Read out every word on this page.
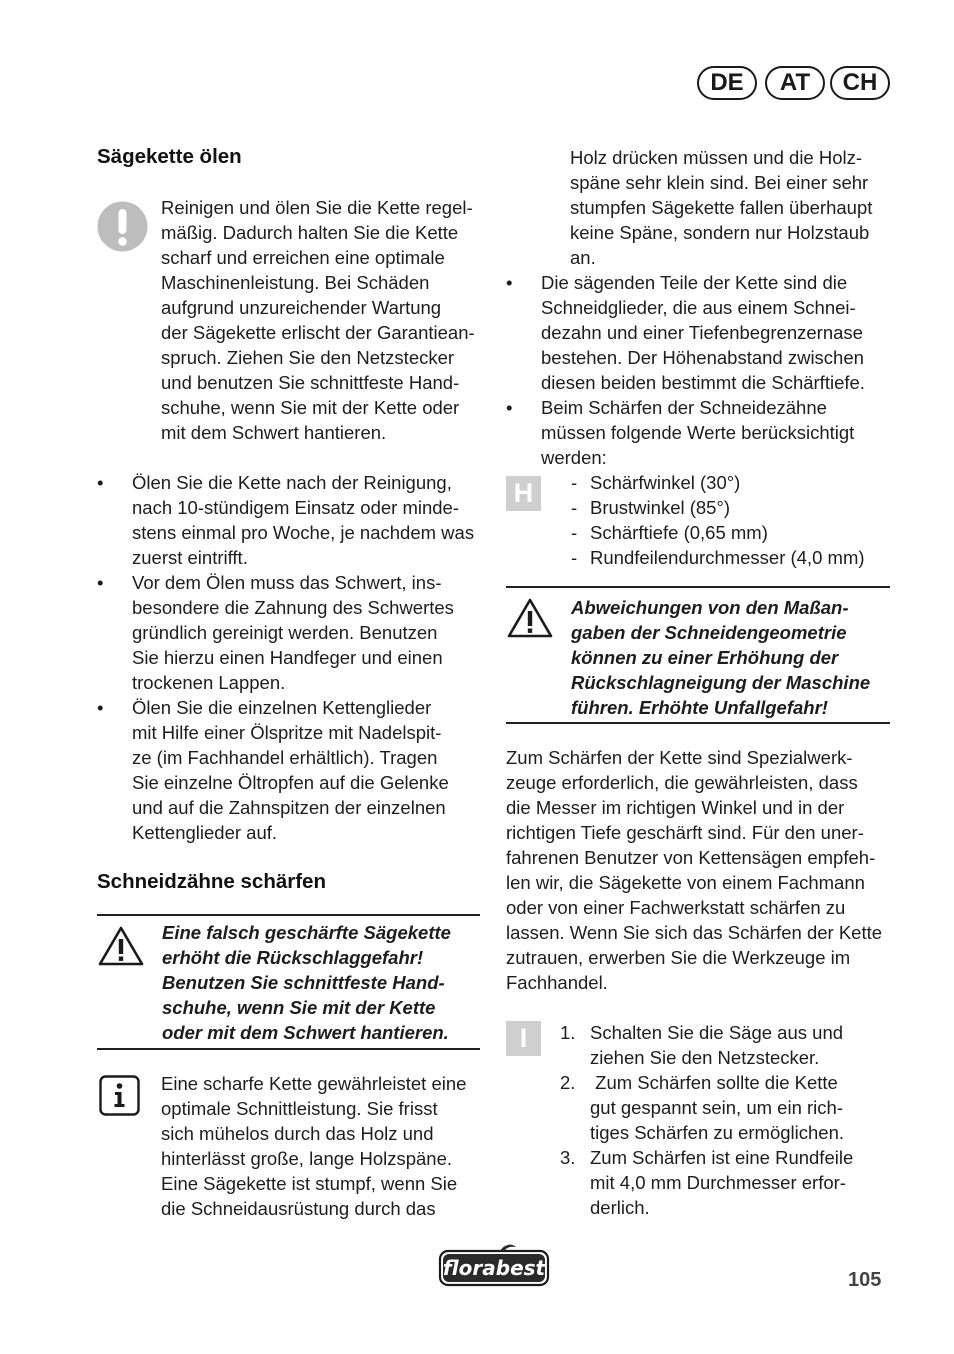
DE	AT	CH
Sägekette ölen
Reinigen und ölen Sie die Kette regel-
mäßig. Dadurch halten Sie die Kette
scharf und erreichen eine optimale
Maschinenleistung. Bei Schäden
aufgrund unzureichender Wartung
der Sägekette erlischt der Garantiean-
spruch. Ziehen Sie den Netzstecker
und benutzen Sie schnittfeste Hand-
schuhe, wenn Sie mit der Kette oder
mit dem Schwert hantieren.
• Ölen Sie die Kette nach der Reinigung,
nach 10-stündigem Einsatz oder minde-
stens einmal pro Woche, je nachdem was
zuerst eintrifft.
• Vor dem Ölen muss das Schwert, ins-
besondere die Zahnung des Schwertes
gründlich gereinigt werden. Benutzen
Sie hierzu einen Handfeger und einen
trockenen Lappen.
• Ölen Sie die einzelnen Kettenglieder
mit Hilfe einer Ölspritze mit Nadelspit-
ze (im Fachhandel erhältlich). Tragen
Sie einzelne Öltropfen auf die Gelenke
und auf die Zahnspitzen der einzelnen
Kettenglieder auf.
Schneidzähne schärfen
Eine falsch geschärfte Sägekette
erhöht die Rückschlaggefahr!
Benutzen Sie schnittfeste Hand-
schuhe, wenn Sie mit der Kette
oder mit dem Schwert hantieren.
Eine scharfe Kette gewährleistet eine
optimale Schnittleistung. Sie frisst
sich mühelos durch das Holz und
hinterlässt große, lange Holzspäne.
Eine Sägekette ist stumpf, wenn Sie
die Schneidausrüstung durch das
Holz drücken müssen und die Holz-
späne sehr klein sind. Bei einer sehr
stumpfen Sägekette fallen überhaupt
keine Späne, sondern nur Holzstaub
an.
• Die sägenden Teile der Kette sind die
Schneidglieder, die aus einem Schnei-
dezahn und einer Tiefenbegrenzernase
bestehen. Der Höhenabstand zwischen
diesen beiden bestimmt die Schärftiefe.
• Beim Schärfen der Schneidezähne
müssen folgende Werte berücksichtigt
werden:
H	- Schärfwinkel (30°)
- Brustwinkel (85°)
- Schärftiefe (0,65 mm)
- Rundfeilendurchmesser (4,0 mm)
Abweichungen von den Maßan-
gaben der Schneidengeometrie
können zu einer Erhöhung der
Rückschlagneigung der Maschine
führen. Erhöhte Unfallgefahr!
Zum Schärfen der Kette sind Spezialwerk-
zeuge erforderlich, die gewährleisten, dass
die Messer im richtigen Winkel und in der
richtigen Tiefe geschärft sind. Für den uner-
fahrenen Benutzer von Kettensägen empfeh-
len wir, die Sägekette von einem Fachmann
oder von einer Fachwerkstatt schärfen zu
lassen. Wenn Sie sich das Schärfen der Kette
zutrauen, erwerben Sie die Werkzeuge im
Fachhandel.
I	1. Schalten Sie die Säge aus und
ziehen Sie den Netzstecker.
2. Zum Schärfen sollte die Kette
gut gespannt sein, um ein rich-
tiges Schärfen zu ermöglichen.
3. Zum Schärfen ist eine Rundfeile
mit 4,0 mm Durchmesser erfor-
derlich.
florabest	105
